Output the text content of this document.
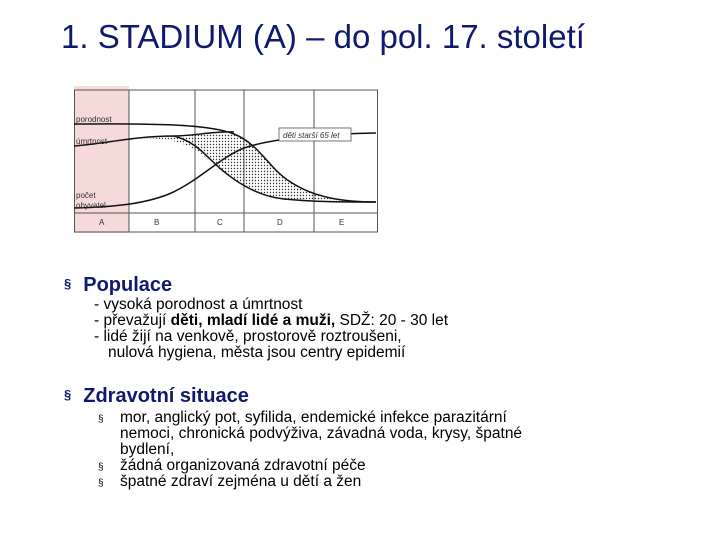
1. STADIUM (A) – do pol. 17. století
děti starší 65 let
porodnost
úmrtnost
počet
obyvatel
A	B	C	D	E
§ Populace
- vysoká porodnost a úmrtnost
- převažují děti, mladí lidé a muži, SDŽ: 20 - 30 let
- lidé žijí na venkově, prostorově roztroušeni,
nulová hygiena, města jsou centry epidemií
§ Zdravotní situace
§	mor, anglický pot, syfilida, endemické infekce parazitární
nemoci, chronická podvýživa, závadná voda, krysy, špatné
bydlení,
§	žádná organizovaná zdravotní péče
§	špatné zdraví zejména u dětí a žen
